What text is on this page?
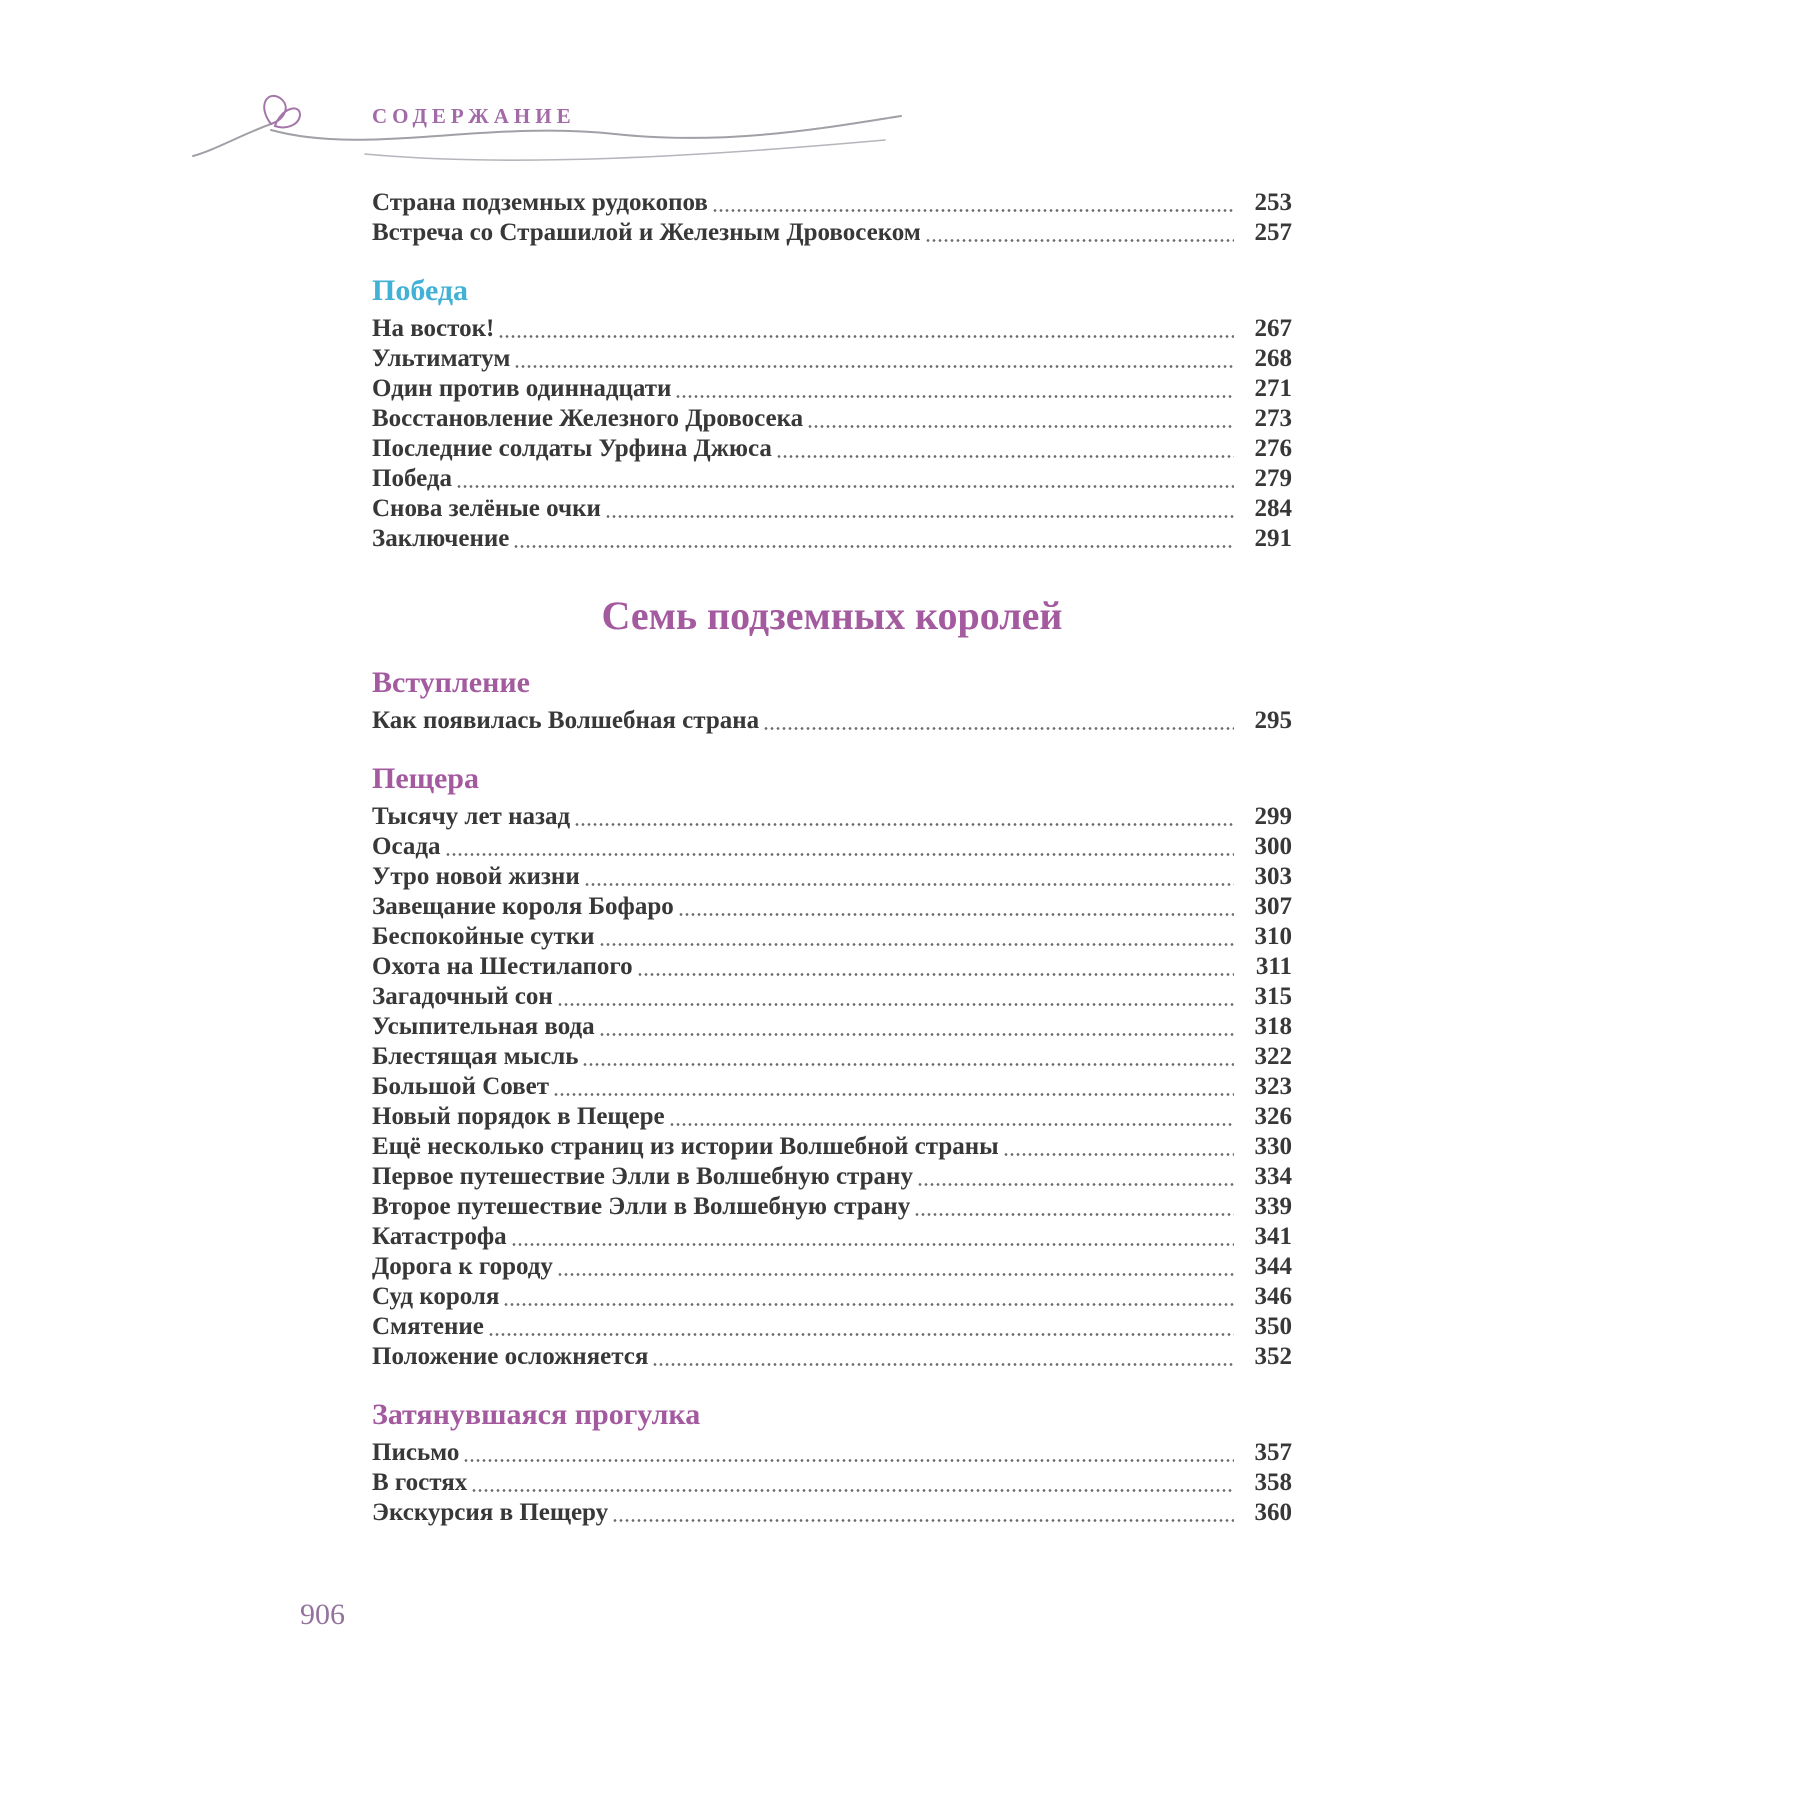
СОДЕРЖАНИЕ
Страна подземных рудокопов	253
Встреча со Страшилой и Железным Дровосеком	257
Победа
На восток!	267
Ультиматум	268
Один против одиннадцати	271
Восстановление Железного Дровосека	273
Последние солдаты Урфина Джюса	276
Победа	279
Снова зелёные очки	284
Заключение	291
Семь подземных королей
Вступление
Как появилась Волшебная страна	295
Пещера
Тысячу лет назад	299
Осада	300
Утро новой жизни	303
Завещание короля Бофаро	307
Беспокойные сутки	310
Охота на Шестилапого	311
Загадочный сон	315
Усыпительная вода	318
Блестящая мысль	322
Большой Совет	323
Новый порядок в Пещере	326
Ещё несколько страниц из истории Волшебной страны	330
Первое путешествие Элли в Волшебную страну	334
Второе путешествие Элли в Волшебную страну	339
Катастрофа	341
Дорога к городу	344
Суд короля	346
Смятение	350
Положение осложняется	352
Затянувшаяся прогулка
Письмо	357
В гостях	358
Экскурсия в Пещеру	360
906
